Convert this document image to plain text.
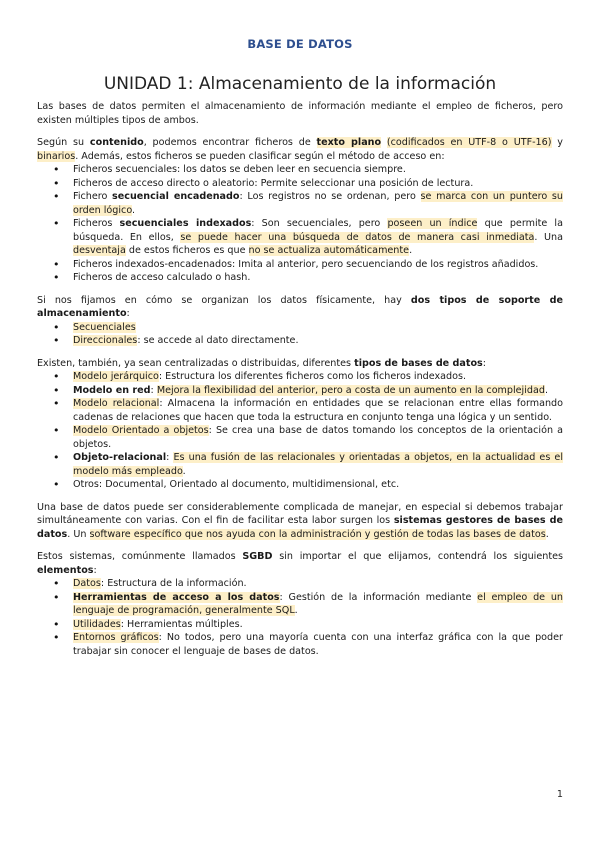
BASE DE DATOS
UNIDAD 1: Almacenamiento de la información

Las bases de datos permiten el almacenamiento de información mediante el empleo de ficheros, pero existen múltiples tipos de ambos.

Según su contenido, podemos encontrar ficheros de texto plano (codificados en UTF-8 o UTF-16) y binarios. Además, estos ficheros se pueden clasificar según el método de acceso en:

• Ficheros secuenciales: los datos se deben leer en secuencia siempre.
• Ficheros de acceso directo o aleatorio: Permite seleccionar una posición de lectura.
• Fichero secuencial encadenado: Los registros no se ordenan, pero se marca con un puntero su orden lógico.
• Ficheros secuenciales indexados: Son secuenciales, pero poseen un índice que permite la búsqueda. En ellos, se puede hacer una búsqueda de datos de manera casi inmediata. Una desventaja de estos ficheros es que no se actualiza automáticamente.
• Ficheros indexados-encadenados: Imita al anterior, pero secuenciando de los registros añadidos.
• Ficheros de acceso calculado o hash.

Si nos fijamos en cómo se organizan los datos físicamente, hay dos tipos de soporte de almacenamiento:

• Secuenciales
• Direccionales: se accede al dato directamente.

Existen, también, ya sean centralizadas o distribuidas, diferentes tipos de bases de datos:

• Modelo jerárquico: Estructura los diferentes ficheros como los ficheros indexados.
• Modelo en red: Mejora la flexibilidad del anterior, pero a costa de un aumento en la complejidad.
• Modelo relacional: Almacena la información en entidades que se relacionan entre ellas formando cadenas de relaciones que hacen que toda la estructura en conjunto tenga una lógica y un sentido.
• Modelo Orientado a objetos: Se crea una base de datos tomando los conceptos de la orientación a objetos.
• Objeto-relacional: Es una fusión de las relacionales y orientadas a objetos, en la actualidad es el modelo más empleado.
• Otros: Documental, Orientado al documento, multidimensional, etc.

Una base de datos puede ser considerablemente complicada de manejar, en especial si debemos trabajar simultáneamente con varias. Con el fin de facilitar esta labor surgen los sistemas gestores de bases de datos. Un software específico que nos ayuda con la administración y gestión de todas las bases de datos.

Estos sistemas, comúnmente llamados SGBD sin importar el que elijamos, contendrá los siguientes elementos:

• Datos: Estructura de la información.
• Herramientas de acceso a los datos: Gestión de la información mediante el empleo de un lenguaje de programación, generalmente SQL.
• Utilidades: Herramientas múltiples.
• Entornos gráficos: No todos, pero una mayoría cuenta con una interfaz gráfica con la que poder trabajar sin conocer el lenguaje de bases de datos.
1
